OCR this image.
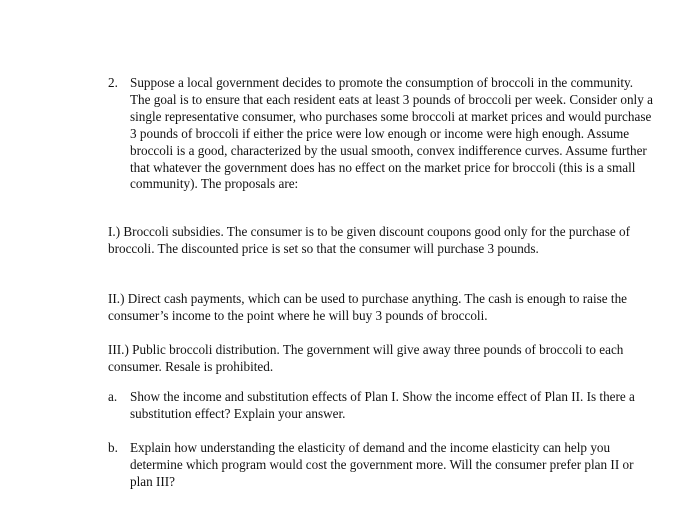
2. Suppose a local government decides to promote the consumption of broccoli in the community. The goal is to ensure that each resident eats at least 3 pounds of broccoli per week. Consider only a single representative consumer, who purchases some broccoli at market prices and would purchase 3 pounds of broccoli if either the price were low enough or income were high enough. Assume broccoli is a good, characterized by the usual smooth, convex indifference curves. Assume further that whatever the government does has no effect on the market price for broccoli (this is a small community). The proposals are:
I.) Broccoli subsidies. The consumer is to be given discount coupons good only for the purchase of broccoli. The discounted price is set so that the consumer will purchase 3 pounds.
II.) Direct cash payments, which can be used to purchase anything. The cash is enough to raise the consumer’s income to the point where he will buy 3 pounds of broccoli.
III.) Public broccoli distribution. The government will give away three pounds of broccoli to each consumer. Resale is prohibited.
a. Show the income and substitution effects of Plan I. Show the income effect of Plan II. Is there a substitution effect? Explain your answer.
b. Explain how understanding the elasticity of demand and the income elasticity can help you determine which program would cost the government more. Will the consumer prefer plan II or plan III?
